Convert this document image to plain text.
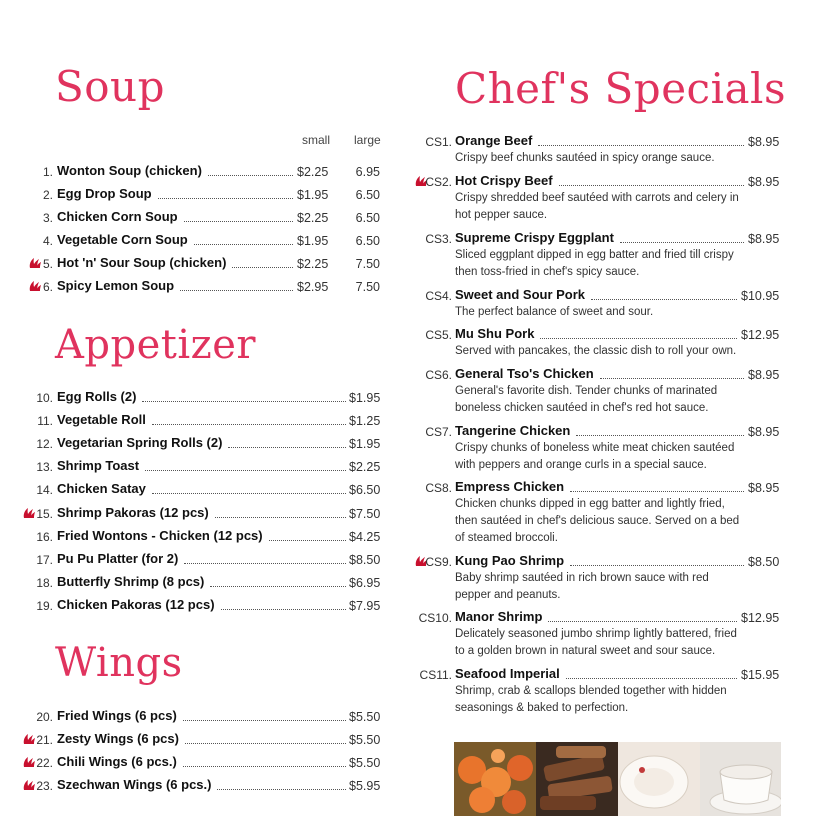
Soup
Appetizer
Wings
Chef's Specials
small large
1. Wonton Soup (chicken)	$2.25	6.95
2. Egg Drop Soup	$1.95	6.50
3. Chicken Corn Soup	$2.25	6.50
4. Vegetable Corn Soup	$1.95	6.50
5. Hot 'n' Sour Soup (chicken)	$2.25	7.50
6. Spicy Lemon Soup	$2.95	7.50
10. Egg Rolls (2)	$1.95
11. Vegetable Roll	$1.25
12. Vegetarian Spring Rolls (2)	$1.95
13. Shrimp Toast	$2.25
14. Chicken Satay	$6.50
15. Shrimp Pakoras (12 pcs)	$7.50
16. Fried Wontons - Chicken (12 pcs)	$4.25
17. Pu Pu Platter (for 2)	$8.50
18. Butterfly Shrimp (8 pcs)	$6.95
19. Chicken Pakoras (12 pcs)	$7.95
20. Fried Wings (6 pcs)	$5.50
21. Zesty Wings (6 pcs)	$5.50
22. Chili Wings (6 pcs.)	$5.50
23. Szechwan Wings (6 pcs.)	$5.95
CS1. Orange Beef	$8.95
Crispy beef chunks sautéed in spicy orange sauce.
CS2. Hot Crispy Beef	$8.95
Crispy shredded beef sautéed with carrots and celery in
hot pepper sauce.
CS3. Supreme Crispy Eggplant	$8.95
Sliced eggplant dipped in egg batter and fried till crispy
then toss-fried in chef's spicy sauce.
CS4. Sweet and Sour Pork	$10.95
The perfect balance of sweet and sour.
CS5. Mu Shu Pork	$12.95
Served with pancakes, the classic dish to roll your own.
CS6. General Tso's Chicken	$8.95
General's favorite dish. Tender chunks of marinated
boneless chicken sautéed in chef's red hot sauce.
CS7. Tangerine Chicken	$8.95
Crispy chunks of boneless white meat chicken sautéed
with peppers and orange curls in a special sauce.
CS8. Empress Chicken	$8.95
Chicken chunks dipped in egg batter and lightly fried,
then sautéed in chef's delicious sauce. Served on a bed
of steamed broccoli.
CS9. Kung Pao Shrimp	$8.50
Baby shrimp sautéed in rich brown sauce with red
pepper and peanuts.
CS10. Manor Shrimp	$12.95
Delicately seasoned jumbo shrimp lightly battered, fried
to a golden brown in natural sweet and sour sauce.
CS11. Seafood Imperial	$15.95
Shrimp, crab & scallops blended together with hidden
seasonings & baked to perfection.
